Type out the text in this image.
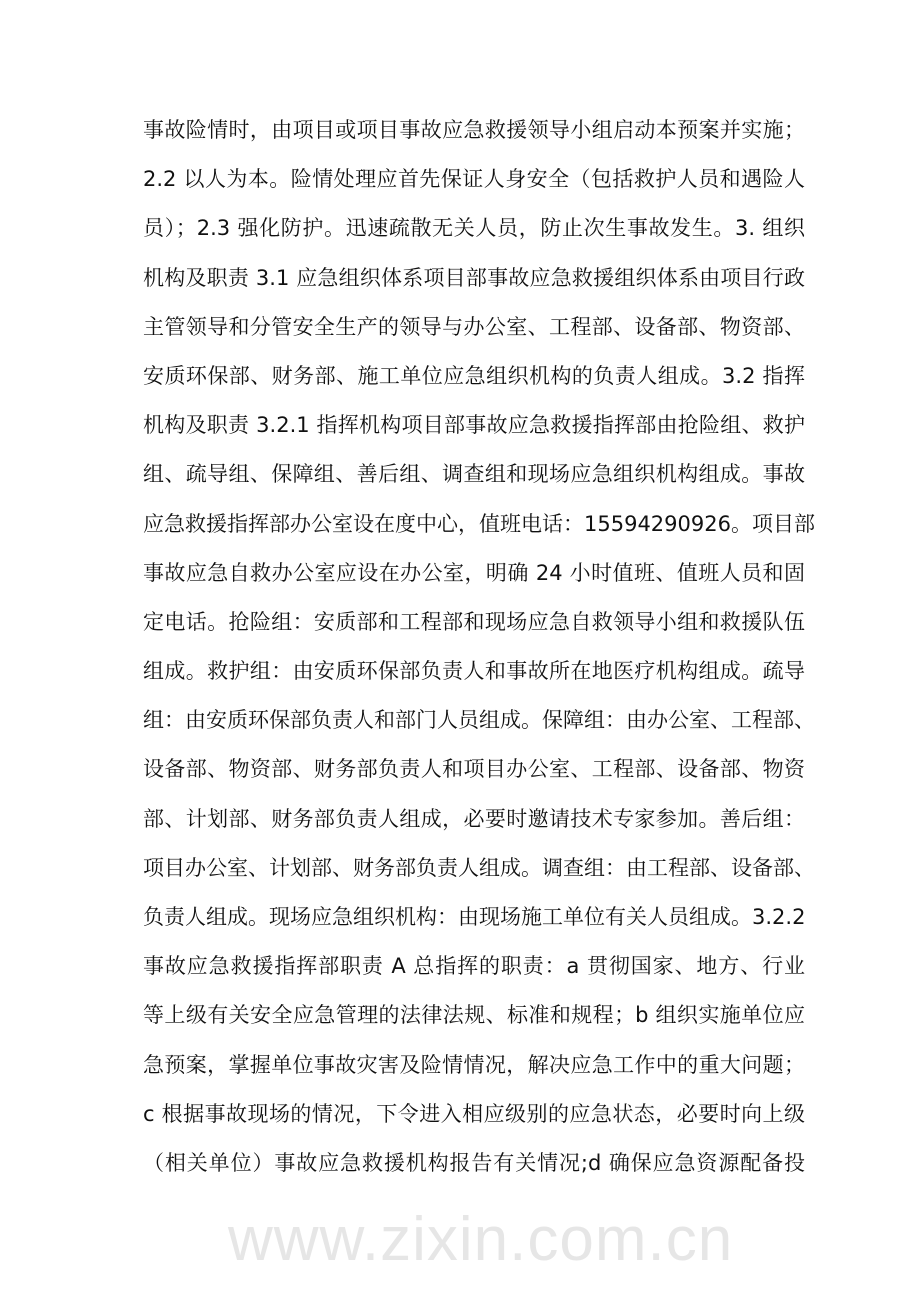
www.zixin.com.cn
事故险情时，由项目或项目事故应急救援领导小组启动本预案并实施；
2.2 以人为本。险情处理应首先保证人身安全（包括救护人员和遇险人
员）；2.3 强化防护。迅速疏散无关人员，防止次生事故发生。3. 组织
机构及职责 3.1 应急组织体系项目部事故应急救援组织体系由项目行政
主管领导和分管安全生产的领导与办公室、工程部、设备部、物资部、
安质环保部、财务部、施工单位应急组织机构的负责人组成。3.2 指挥
机构及职责 3.2.1 指挥机构项目部事故应急救援指挥部由抢险组、救护
组、疏导组、保障组、善后组、调查组和现场应急组织机构组成。事故
应急救援指挥部办公室设在度中心，值班电话：15594290926。项目部
事故应急自救办公室应设在办公室，明确 24 小时值班、值班人员和固
定电话。抢险组：安质部和工程部和现场应急自救领导小组和救援队伍
组成。救护组：由安质环保部负责人和事故所在地医疗机构组成。疏导
组：由安质环保部负责人和部门人员组成。保障组：由办公室、工程部、
设备部、物资部、财务部负责人和项目办公室、工程部、设备部、物资
部、计划部、财务部负责人组成，必要时邀请技术专家参加。善后组：
项目办公室、计划部、财务部负责人组成。调查组：由工程部、设备部、
负责人组成。现场应急组织机构：由现场施工单位有关人员组成。3.2.2
事故应急救援指挥部职责 A 总指挥的职责：a 贯彻国家、地方、行业
等上级有关安全应急管理的法律法规、标准和规程；b 组织实施单位应
急预案，掌握单位事故灾害及险情情况，解决应急工作中的重大问题；
c 根据事故现场的情况，下令进入相应级别的应急状态，必要时向上级
（相关单位）事故应急救援机构报告有关情况;d 确保应急资源配备投
